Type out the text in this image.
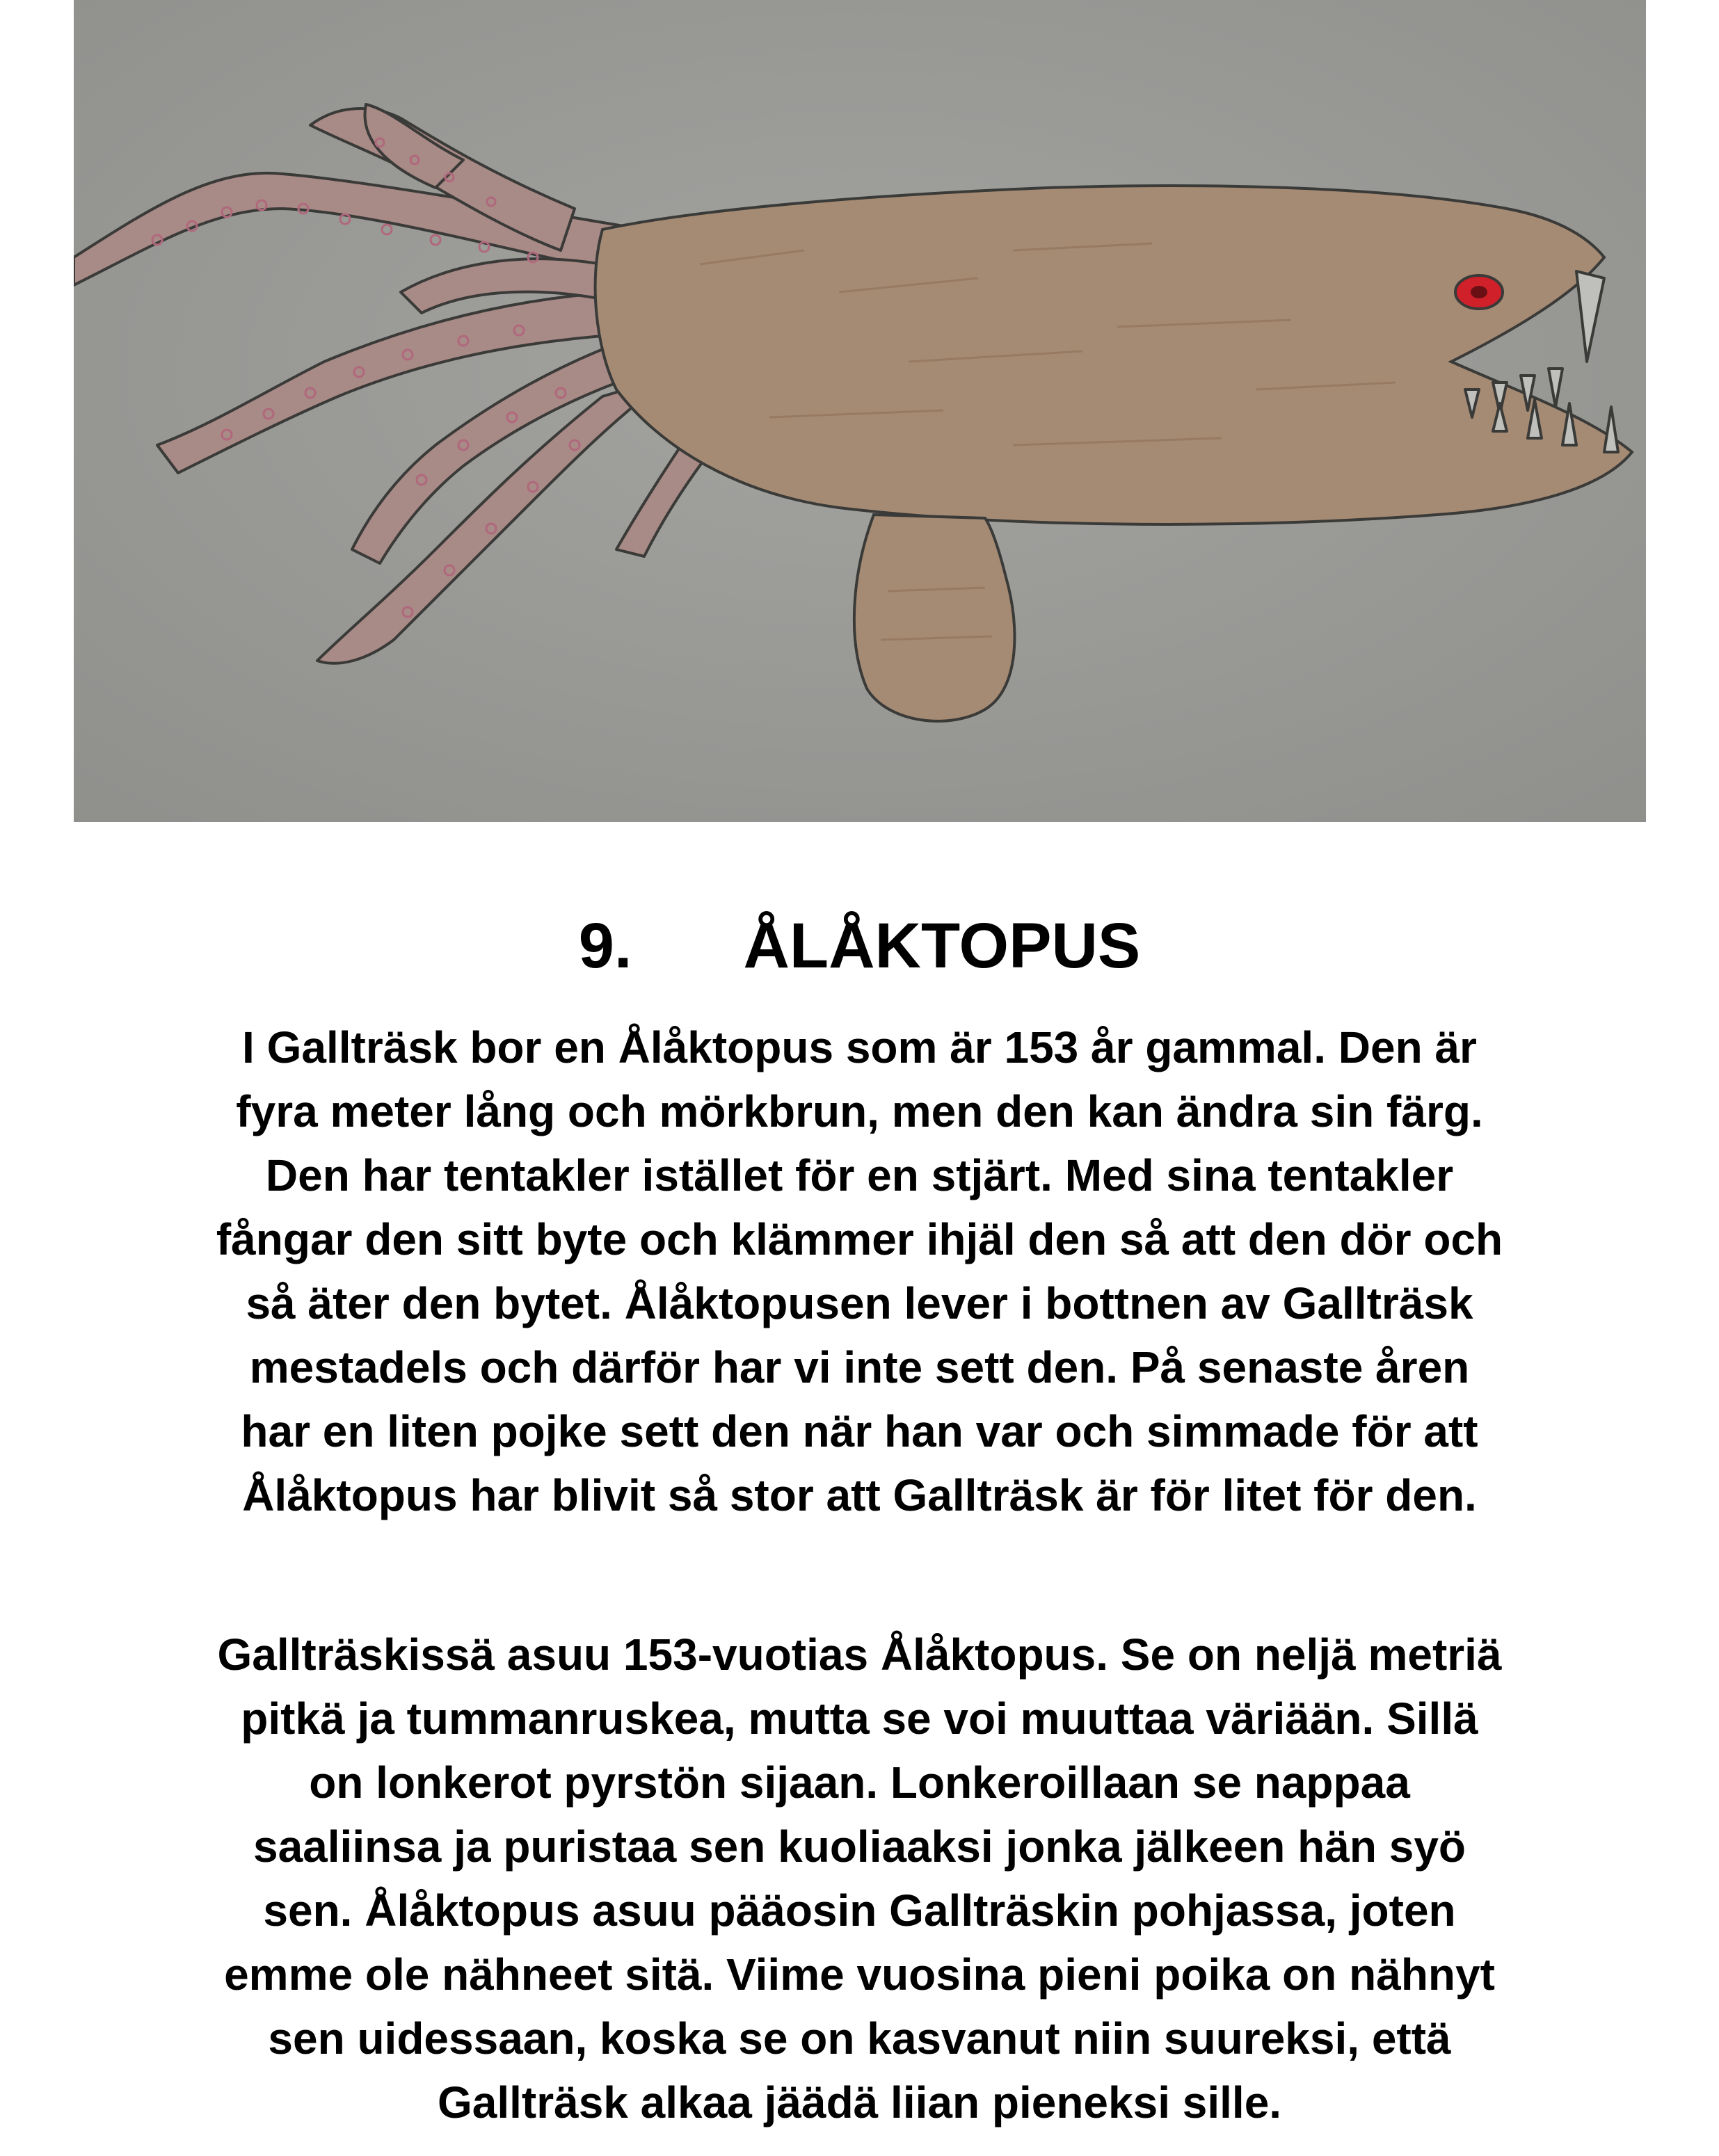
9. ÅLÅKTOPUS

I Gallträsk bor en Ålåktopus som är 153 år gammal. Den är
fyra meter lång och mörkbrun, men den kan ändra sin färg.
Den har tentakler istället för en stjärt. Med sina tentakler
fångar den sitt byte och klämmer ihjäl den så att den dör och
så äter den bytet. Ålåktopusen lever i bottnen av Gallträsk
mestadels och därför har vi inte sett den. På senaste åren
har en liten pojke sett den när han var och simmade för att
Ålåktopus har blivit så stor att Gallträsk är för litet för den.

Gallträskissä asuu 153-vuotias Ålåktopus. Se on neljä metriä
pitkä ja tummanruskea, mutta se voi muuttaa väriään. Sillä
on lonkerot pyrstön sijaan. Lonkeroillaan se nappaa
saaliinsa ja puristaa sen kuoliaaksi jonka jälkeen hän syö
sen. Ålåktopus asuu pääosin Gallträskin pohjassa, joten
emme ole nähneet sitä. Viime vuosina pieni poika on nähnyt
sen uidessaan, koska se on kasvanut niin suureksi, että
Gallträsk alkaa jäädä liian pieneksi sille.
